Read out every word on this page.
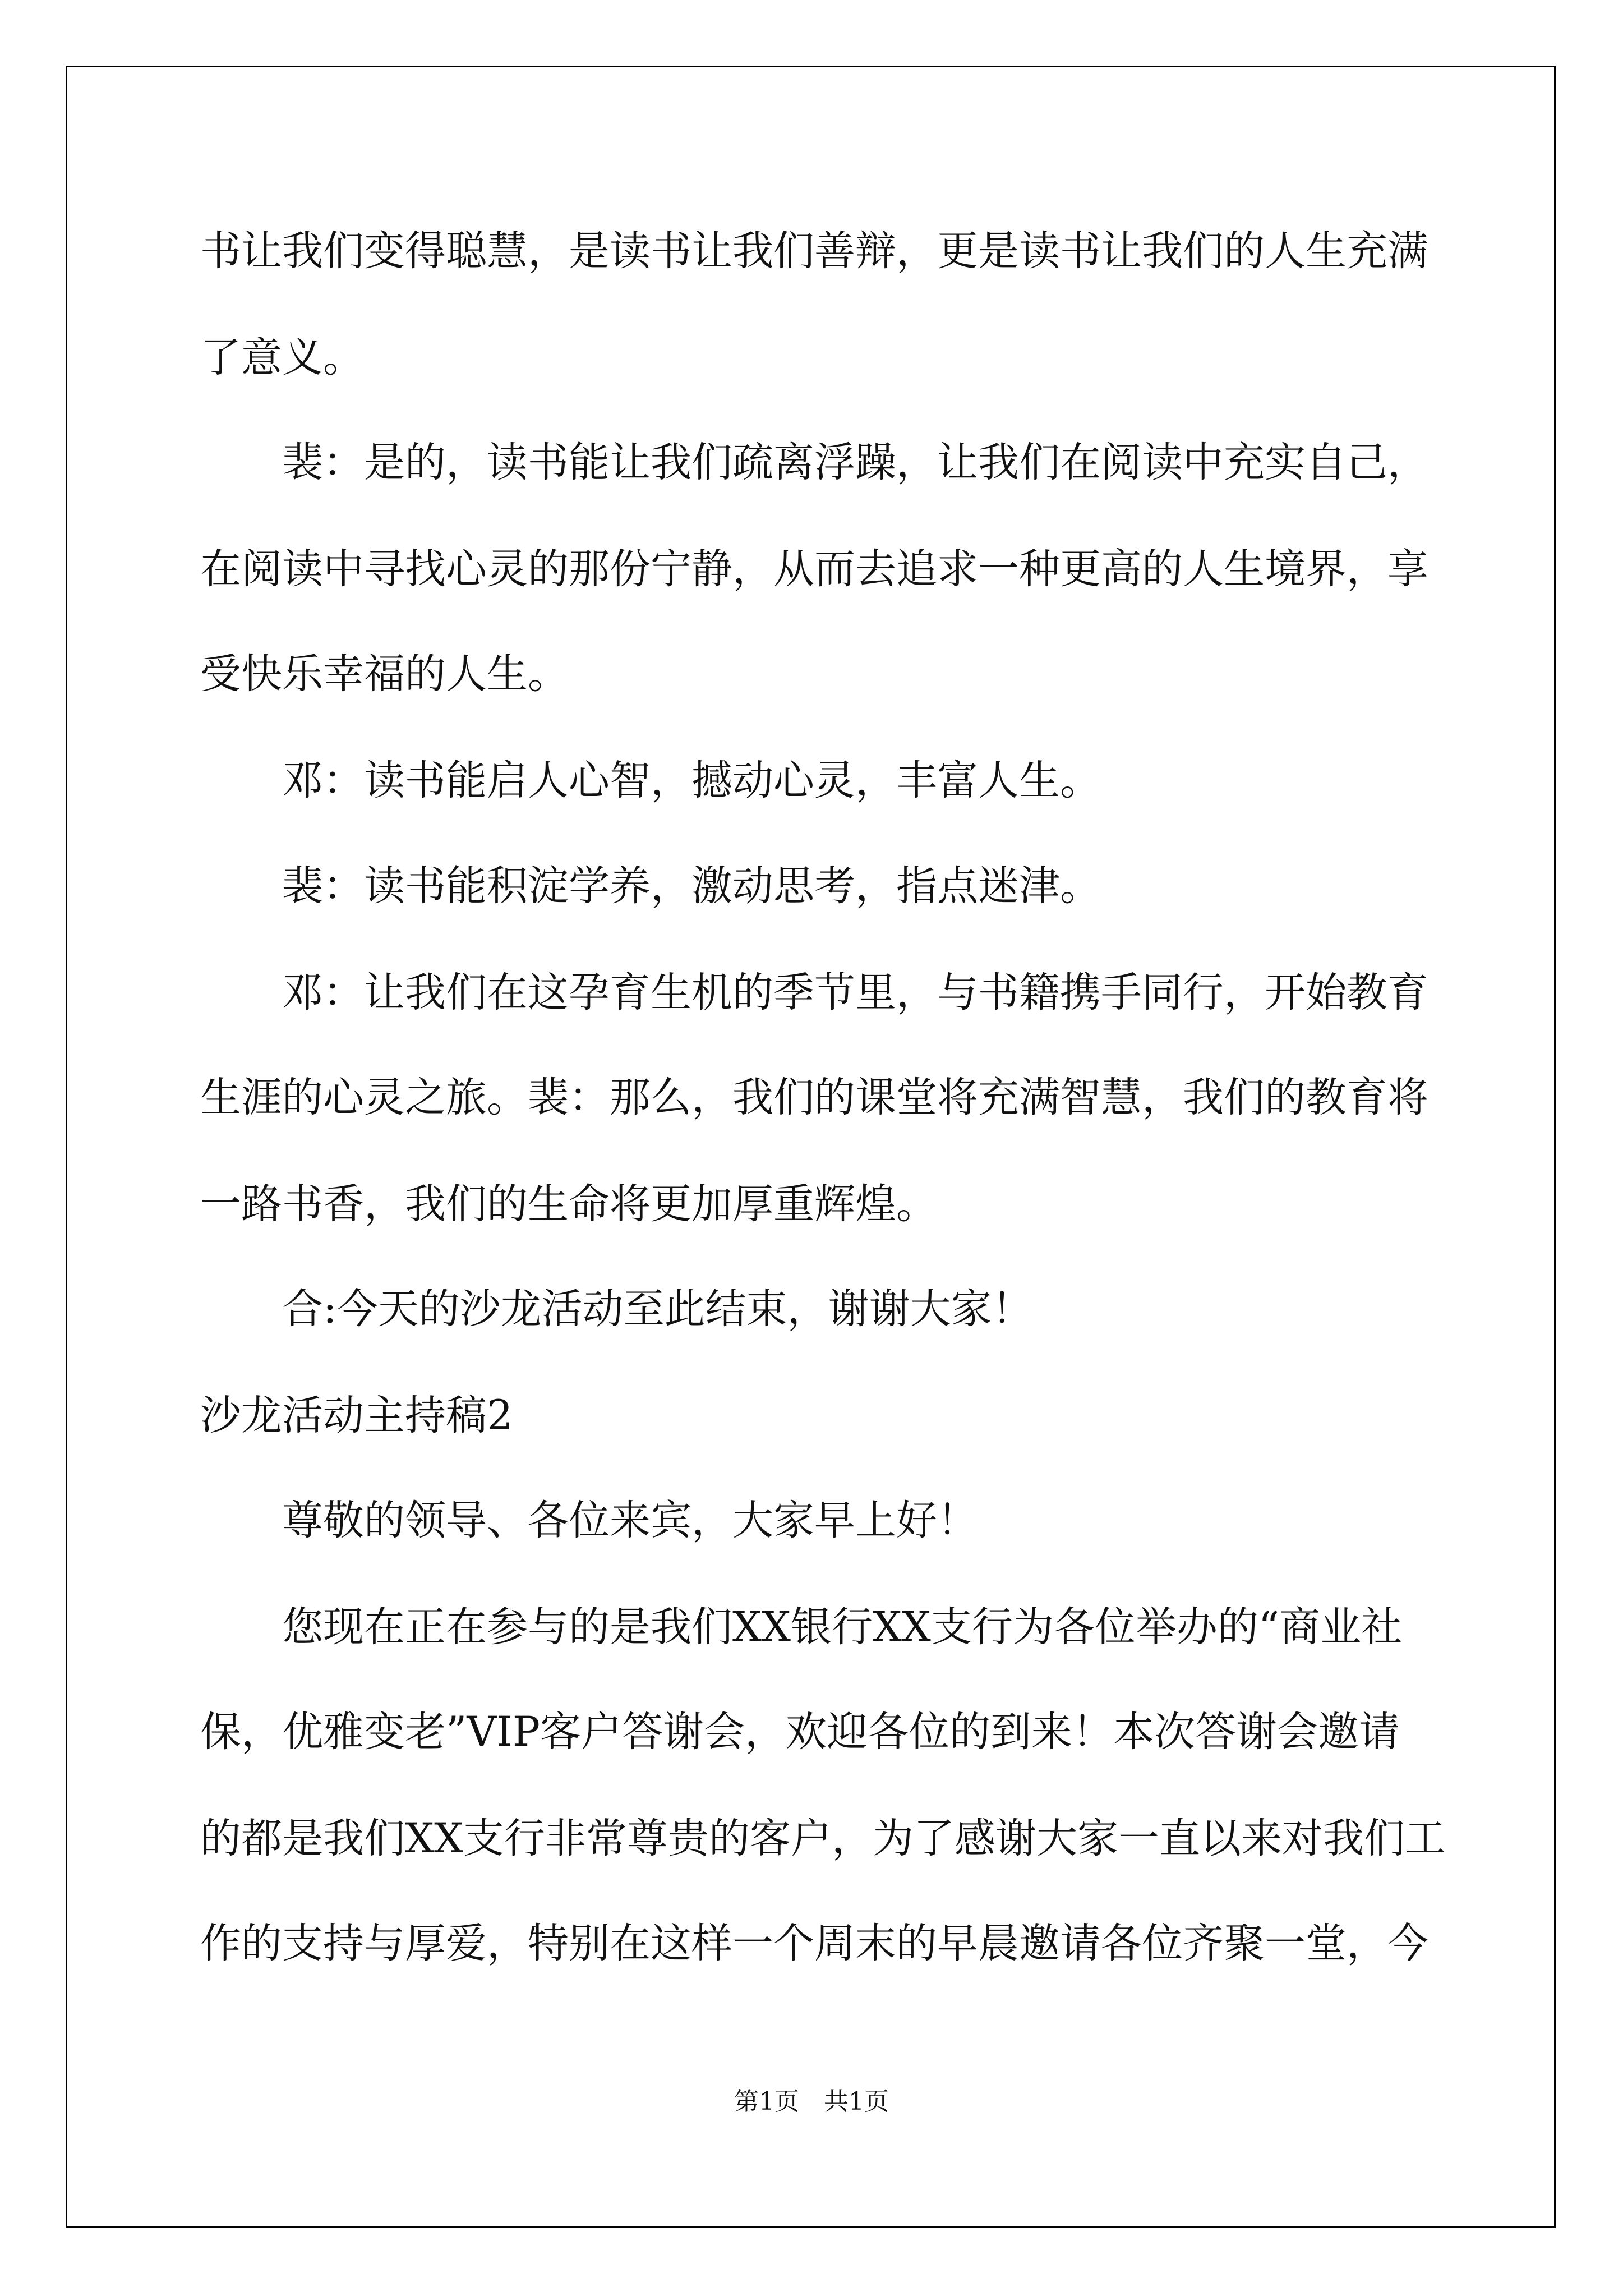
书让我们变得聪慧，是读书让我们善辩，更是读书让我们的人生充满
了意义。
裴：是的，读书能让我们疏离浮躁，让我们在阅读中充实自己，
在阅读中寻找心灵的那份宁静，从而去追求一种更高的人生境界，享
受快乐幸福的人生。
邓：读书能启人心智，撼动心灵，丰富人生。
裴：读书能积淀学养，激动思考，指点迷津。
邓：让我们在这孕育生机的季节里，与书籍携手同行，开始教育
生涯的心灵之旅。裴：那么，我们的课堂将充满智慧，我们的教育将
一路书香，我们的生命将更加厚重辉煌。
合:今天的沙龙活动至此结束，谢谢大家！
沙龙活动主持稿2
尊敬的领导、各位来宾，大家早上好！
您现在正在参与的是我们XX银行XX支行为各位举办的“商业社
保，优雅变老”VIP客户答谢会，欢迎各位的到来！本次答谢会邀请
的都是我们XX支行非常尊贵的客户，为了感谢大家一直以来对我们工
作的支持与厚爱，特别在这样一个周末的早晨邀请各位齐聚一堂，今
第1页　共1页
